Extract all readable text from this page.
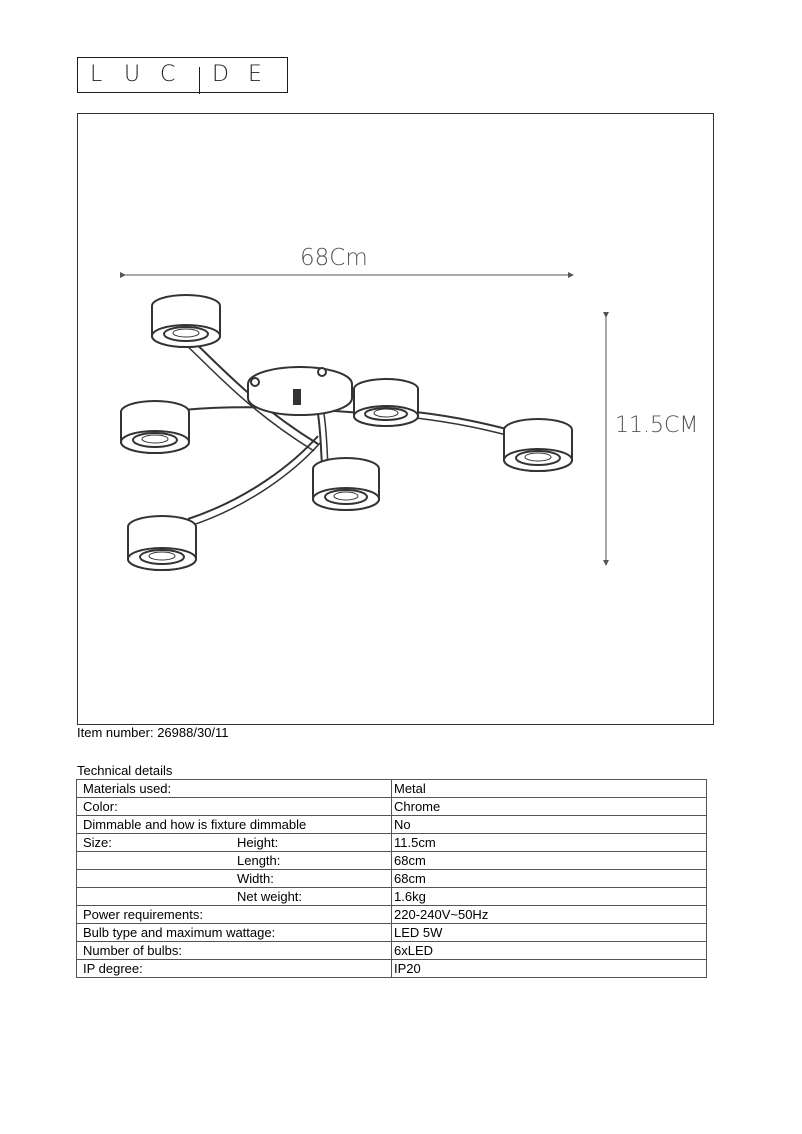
L U C D E
68Cm
11.5CM
Item number: 26988/30/11
Technical details
Materials used:	Metal
Color:	Chrome
Dimmable and how is fixture dimmable	No
Size: Height:	11.5cm

Length:	68cm

Width:	68cm

Net weight:	1.6kg
Power requirements:	220-240V~50Hz
Bulb type and maximum wattage:	LED 5W
Number of bulbs:	6xLED
IP degree:	IP20
